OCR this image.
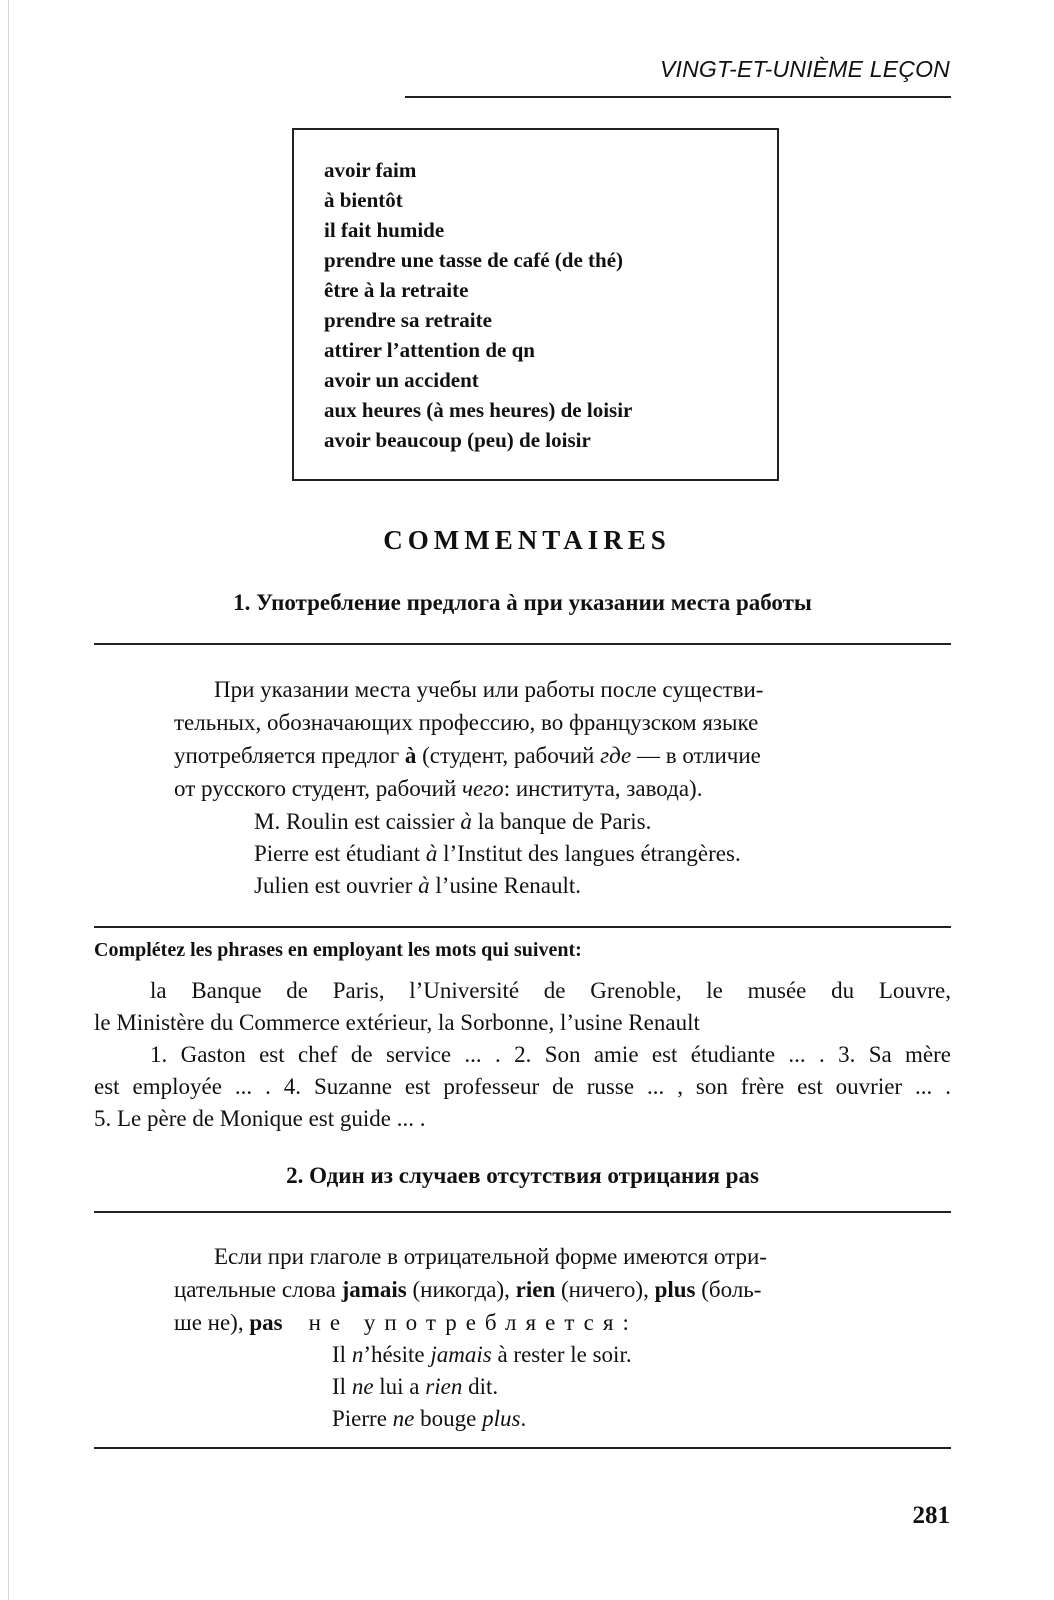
VINGT-ET-UNIÈME LEÇON
avoir faim
à bientôt
il fait humide
prendre une tasse de café (de thé)
être à la retraite
prendre sa retraite
attirer l’attention de qn
avoir un accident
aux heures (à mes heures) de loisir
avoir beaucoup (peu) de loisir
COMMENTAIRES
1. Употребление предлога à при указании места работы
При указании места учебы или работы после существи-
тельных, обозначающих профессию, во французском языке
употребляется предлог à (студент, рабочий где — в отличие
от русского студент, рабочий чего: института, завода).
M. Roulin est caissier à la banque de Paris.
Pierre est étudiant à l’Institut des langues étrangères.
Julien est ouvrier à l’usine Renault.
Complétez les phrases en employant les mots qui suivent:
la Banque de Paris, l’Université de Grenoble, le musée du Louvre,
le Ministère du Commerce extérieur, la Sorbonne, l’usine Renault
1. Gaston est chef de service ... . 2. Son amie est étudiante ... . 3. Sa mère
est employée ... . 4. Suzanne est professeur de russe ... , son frère est ouvrier ... .
5. Le père de Monique est guide ... .
2. Один из случаев отсутствия отрицания pas
Если при глаголе в отрицательной форме имеются отри-
цательные слова jamais (никогда), rien (ничего), plus (боль-
ше не), pas не употребляется:
Il n’hésite jamais à rester le soir.
Il ne lui a rien dit.
Pierre ne bouge plus.
281
